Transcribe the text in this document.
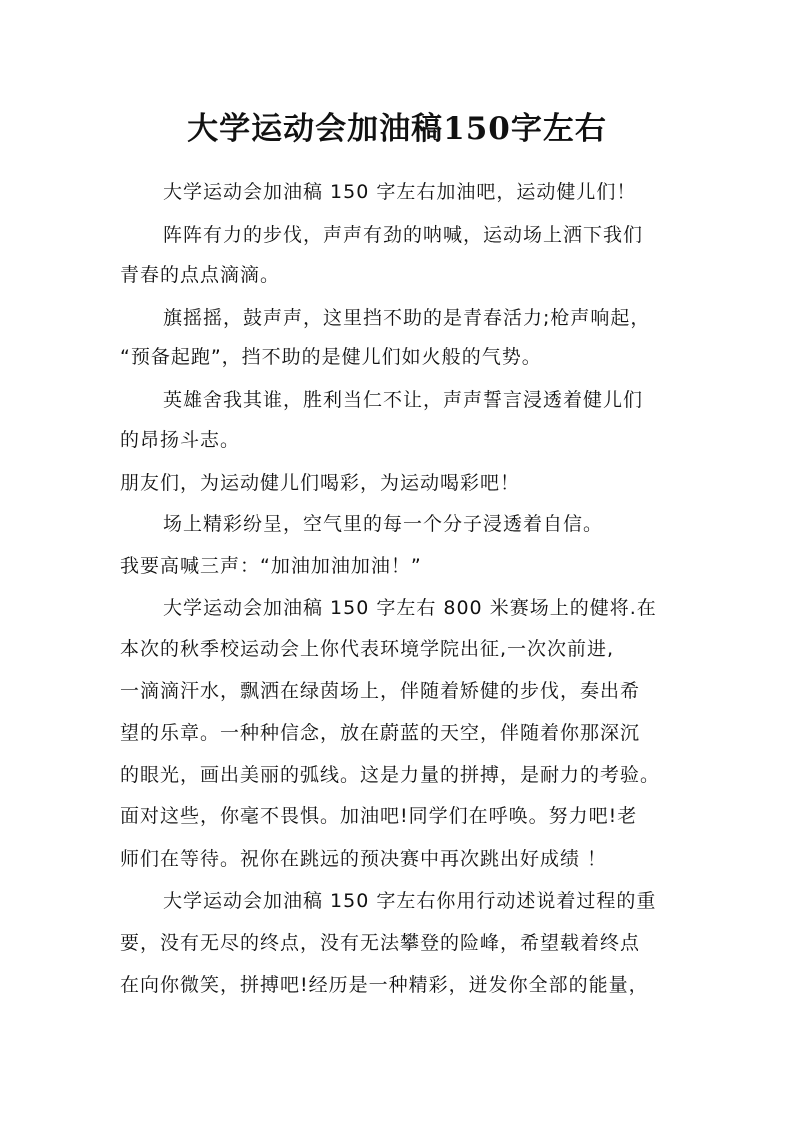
大学运动会加油稿150字左右
大学运动会加油稿 150 字左右加油吧，运动健儿们！
阵阵有力的步伐，声声有劲的呐喊，运动场上洒下我们
青春的点点滴滴。
旗摇摇，鼓声声，这里挡不助的是青春活力;枪声响起，
“预备起跑”，挡不助的是健儿们如火般的气势。
英雄舍我其谁，胜利当仁不让，声声誓言浸透着健儿们
的昂扬斗志。
朋友们，为运动健儿们喝彩，为运动喝彩吧！
场上精彩纷呈，空气里的每一个分子浸透着自信。
我要高喊三声：“加油加油加油！”
大学运动会加油稿 150 字左右 800 米赛场上的健将.在
本次的秋季校运动会上你代表环境学院出征,一次次前进,
一滴滴汗水，飘洒在绿茵场上，伴随着矫健的步伐，奏出希
望的乐章。一种种信念，放在蔚蓝的天空，伴随着你那深沉
的眼光，画出美丽的弧线。这是力量的拼搏，是耐力的考验。
面对这些，你毫不畏惧。加油吧!同学们在呼唤。努力吧!老
师们在等待。祝你在跳远的预决赛中再次跳出好成绩 ！
大学运动会加油稿 150 字左右你用行动述说着过程的重
要，没有无尽的终点，没有无法攀登的险峰，希望载着终点
在向你微笑，拼搏吧!经历是一种精彩，迸发你全部的能量，
